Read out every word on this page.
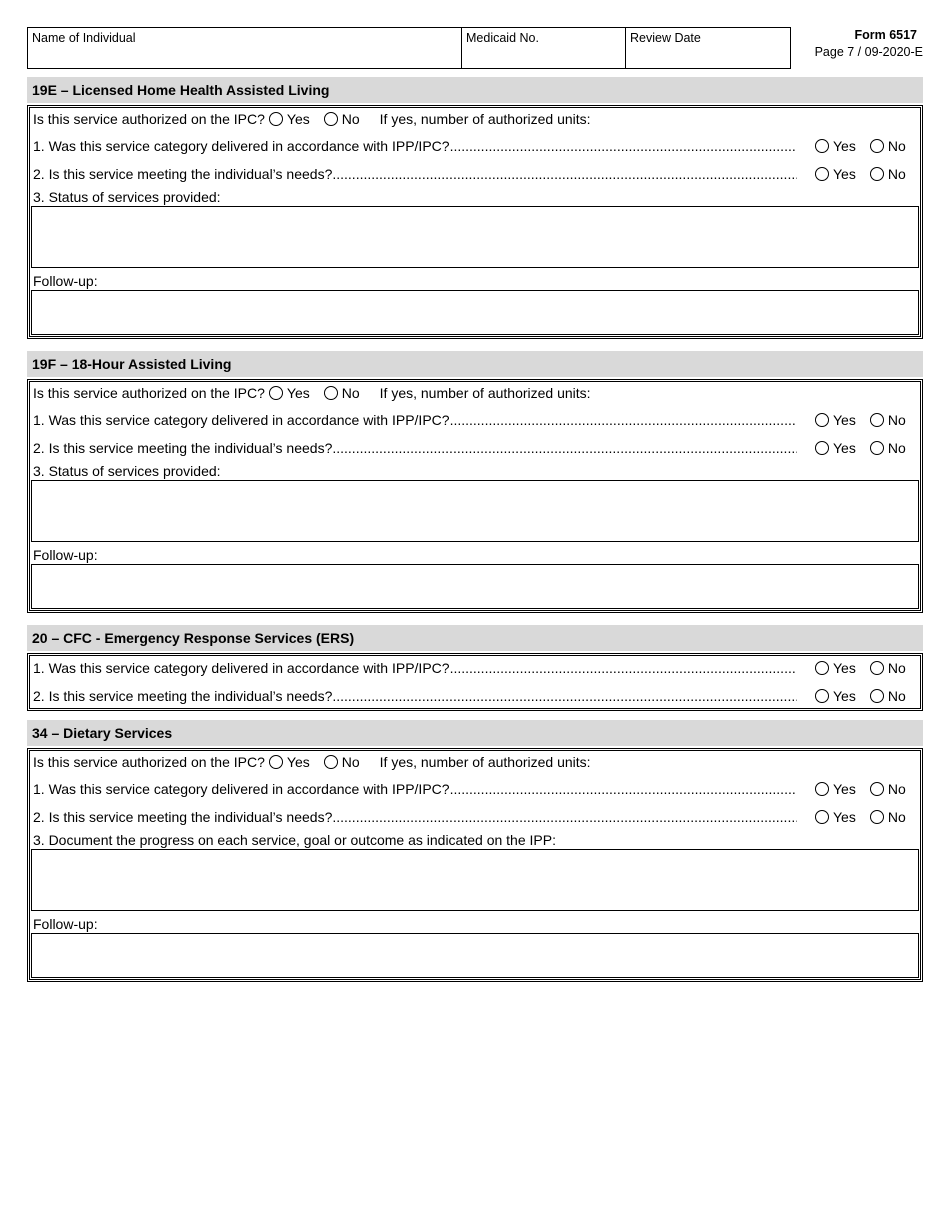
Name of Individual	Medicaid No.	Review Date	Form 6517
Page 7 / 09-2020-E
19E – Licensed Home Health Assisted Living
Is this service authorized on the IPC? Yes No If yes, number of authorized units:
1. Was this service category delivered in accordance with IPP/IPC? .....	Yes No
2. Is this service meeting the individual’s needs? .....	Yes No
3. Status of services provided:
Follow-up:
19F – 18-Hour Assisted Living
Is this service authorized on the IPC? Yes No If yes, number of authorized units:
1. Was this service category delivered in accordance with IPP/IPC? .....	Yes No
2. Is this service meeting the individual’s needs? .....	Yes No
3. Status of services provided:
Follow-up:
20 – CFC - Emergency Response Services (ERS)
1. Was this service category delivered in accordance with IPP/IPC? .....	Yes No
2. Is this service meeting the individual’s needs? .....	Yes No
34 – Dietary Services
Is this service authorized on the IPC? Yes No If yes, number of authorized units:
1. Was this service category delivered in accordance with IPP/IPC? .....	Yes No
2. Is this service meeting the individual’s needs? .....	Yes No
3. Document the progress on each service, goal or outcome as indicated on the IPP:
Follow-up:
